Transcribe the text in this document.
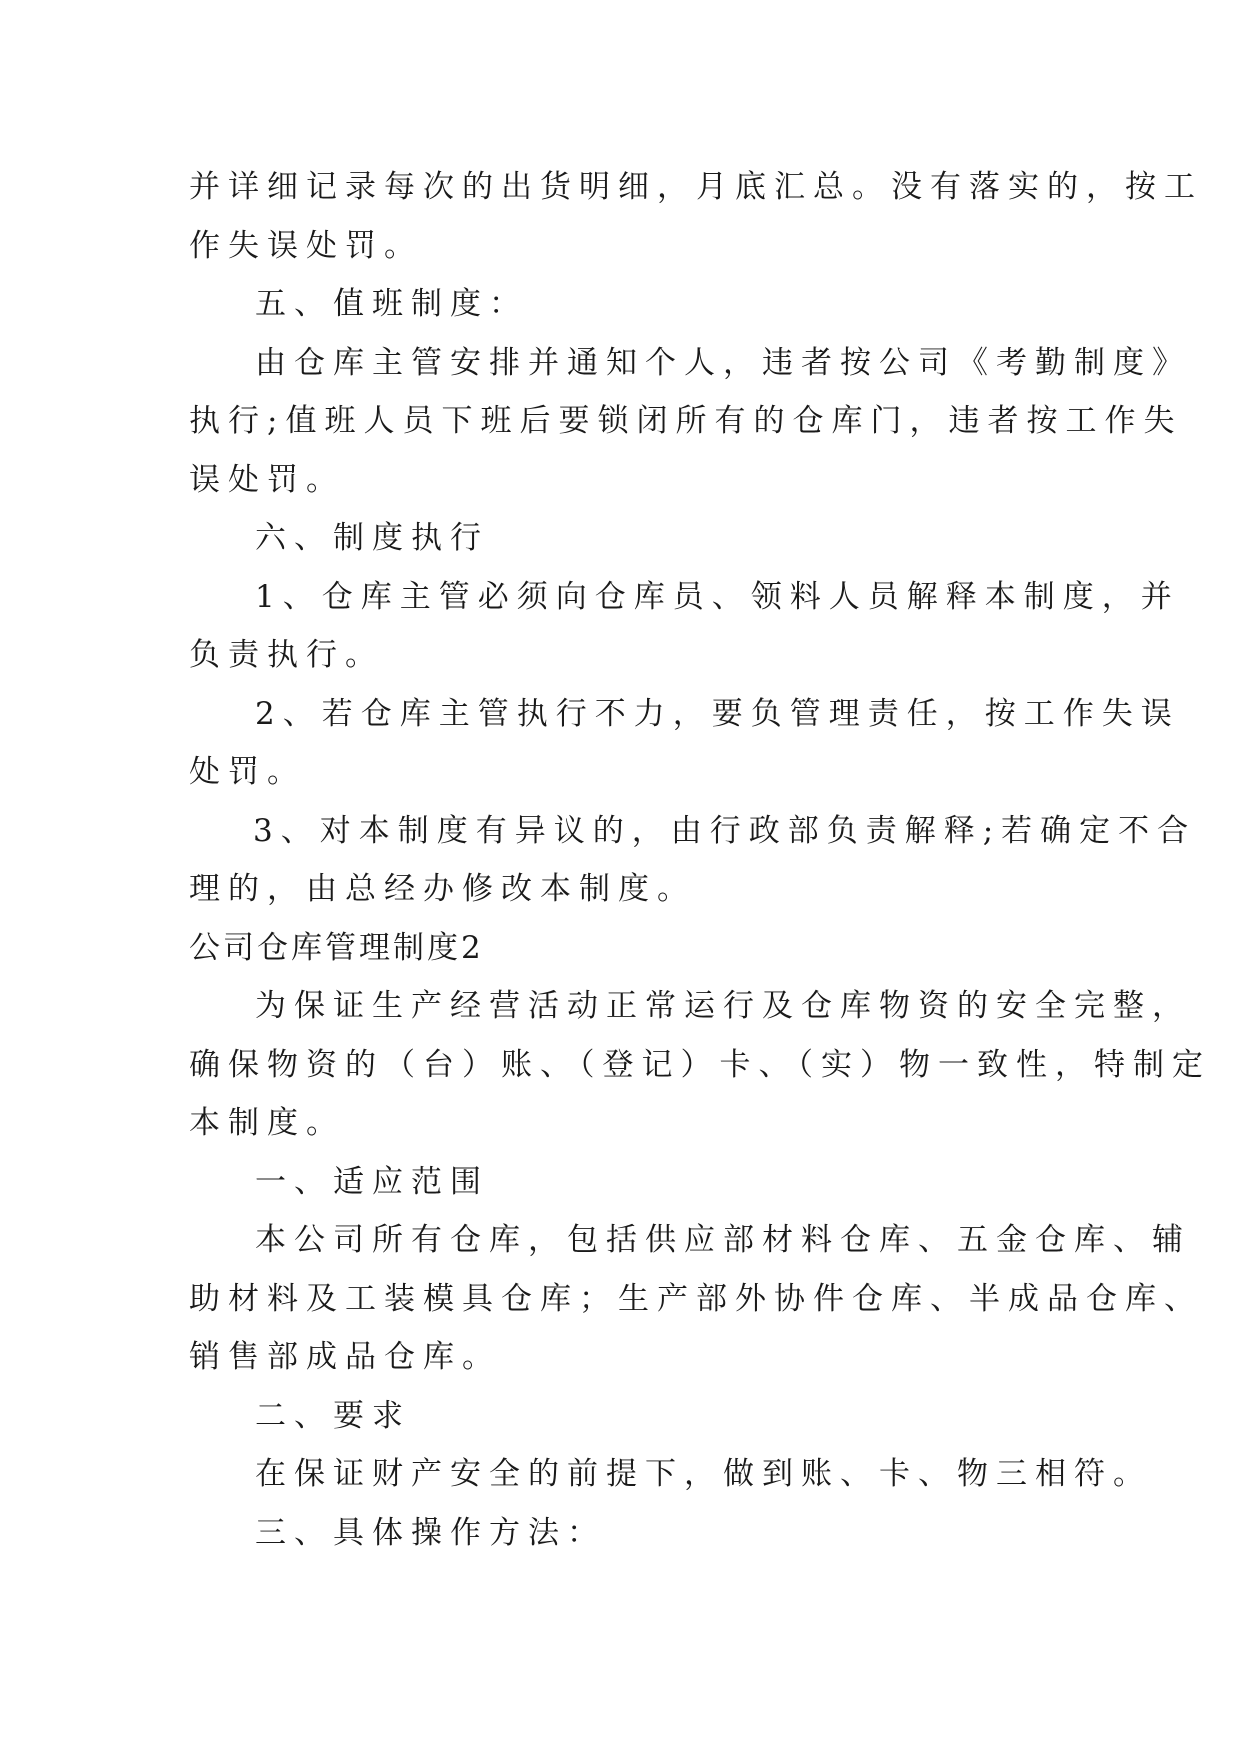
并详细记录每次的出货明细，月底汇总。没有落实的，按工
作失误处罚。
五、值班制度：
由仓库主管安排并通知个人，违者按公司《考勤制度》
执行;值班人员下班后要锁闭所有的仓库门，违者按工作失
误处罚。
六、制度执行
1、仓库主管必须向仓库员、领料人员解释本制度，并
负责执行。
2、若仓库主管执行不力，要负管理责任，按工作失误
处罚。
3、对本制度有异议的，由行政部负责解释;若确定不合
理的，由总经办修改本制度。
公司仓库管理制度2
为保证生产经营活动正常运行及仓库物资的安全完整，
确保物资的（台）账、（登记）卡、（实）物一致性，特制定
本制度。
一、适应范围
本公司所有仓库，包括供应部材料仓库、五金仓库、辅
助材料及工装模具仓库；生产部外协件仓库、半成品仓库、
销售部成品仓库。
二、要求
在保证财产安全的前提下，做到账、卡、物三相符。
三、具体操作方法：
